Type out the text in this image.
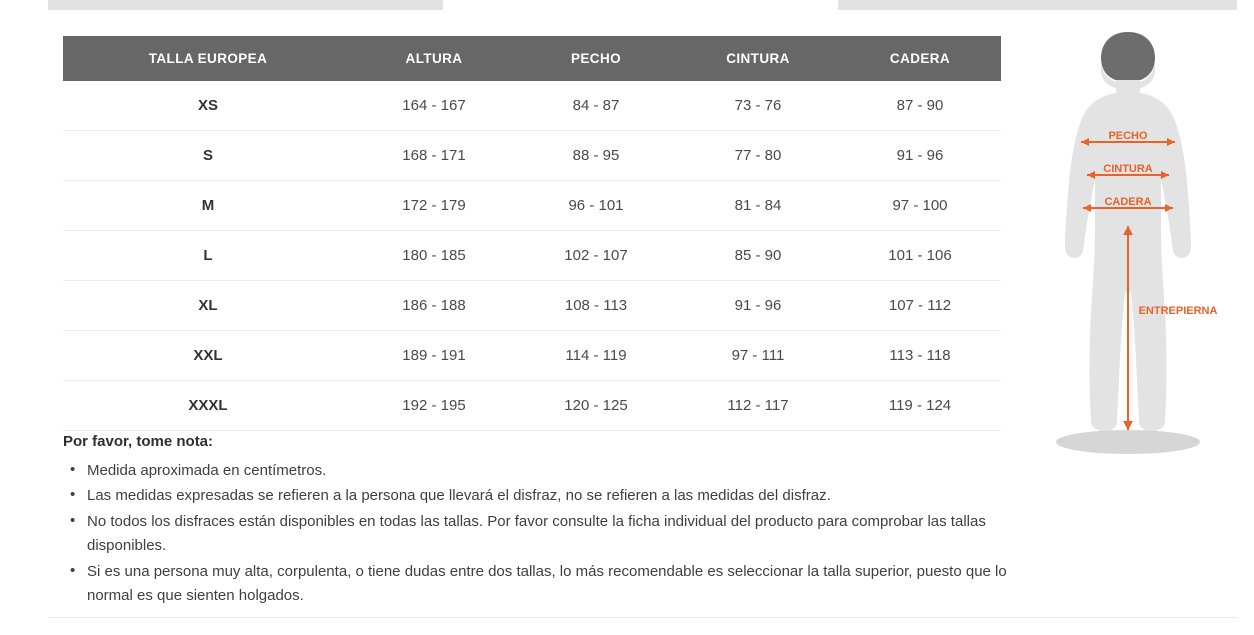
TALLA EUROPEA	ALTURA	PECHO	CINTURA	CADERA
XS	164 - 167	84 - 87	73 - 76	87 - 90
S	168 - 171	88 - 95	77 - 80	91 - 96
M	172 - 179	96 - 101	81 - 84	97 - 100
L	180 - 185	102 - 107	85 - 90	101 - 106
XL	186 - 188	108 - 113	91 - 96	107 - 112
XXL	189 - 191	114 - 119	97 - 111	113 - 118
XXXL	192 - 195	120 - 125	112 - 117	119 - 124
PECHO
CINTURA
CADERA
ENTREPIERNA

Por favor, tome nota:

• Medida aproximada en centímetros.
• Las medidas expresadas se refieren a la persona que llevará el disfraz, no se refieren a las medidas del disfraz.
• No todos los disfraces están disponibles en todas las tallas. Por favor consulte la ficha individual del producto para comprobar las tallas disponibles.
• Si es una persona muy alta, corpulenta, o tiene dudas entre dos tallas, lo más recomendable es seleccionar la talla superior, puesto que lo normal es que sienten holgados.
